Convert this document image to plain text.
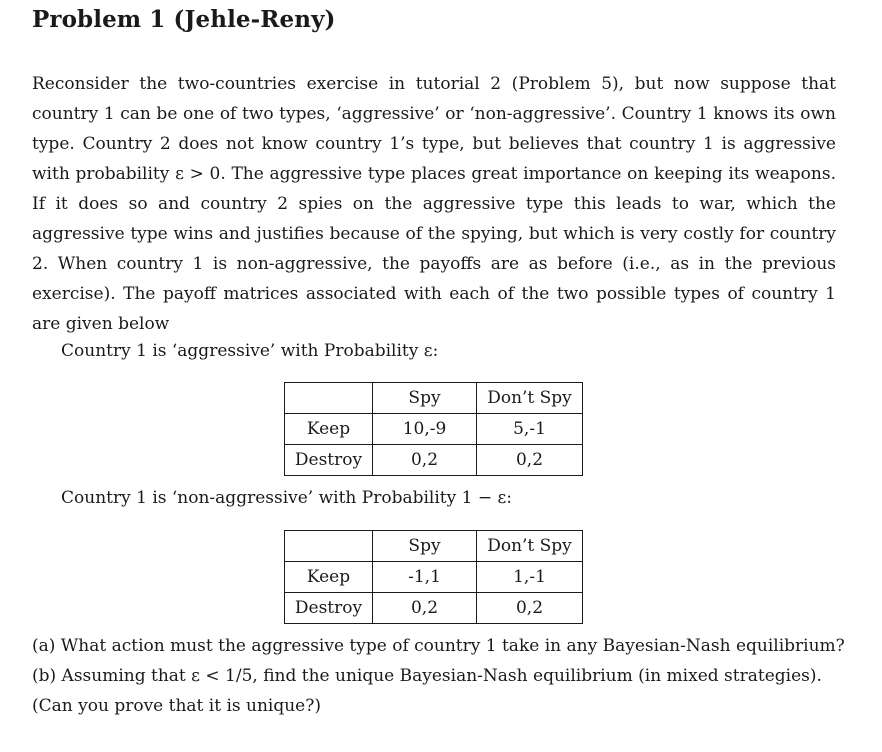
Problem 1 (Jehle-Reny)
Reconsider the two-countries exercise in tutorial 2 (Problem 5), but now suppose that country 1 can be one of two types, ‘aggressive’ or ‘non-aggressive’. Country 1 knows its own type. Country 2 does not know country 1’s type, but believes that country 1 is aggressive with probability ε > 0. The aggressive type places great importance on keeping its weapons. If it does so and country 2 spies on the aggressive type this leads to war, which the aggressive type wins and justifies because of the spying, but which is very costly for country 2. When country 1 is non-aggressive, the payoffs are as before (i.e., as in the previous exercise). The payoff matrices associated with each of the two possible types of country 1 are given below
Country 1 is ‘aggressive’ with Probability ε:
	Spy	Don’t Spy
Keep	10,-9	5,-1
Destroy	0,2	0,2
Country 1 is ‘non-aggressive’ with Probability 1 − ε:
	Spy	Don’t Spy
Keep	-1,1	1,-1
Destroy	0,2	0,2
(a) What action must the aggressive type of country 1 take in any Bayesian-Nash equilibrium?
(b) Assuming that ε < 1/5, find the unique Bayesian-Nash equilibrium (in mixed strategies).
(Can you prove that it is unique?)
